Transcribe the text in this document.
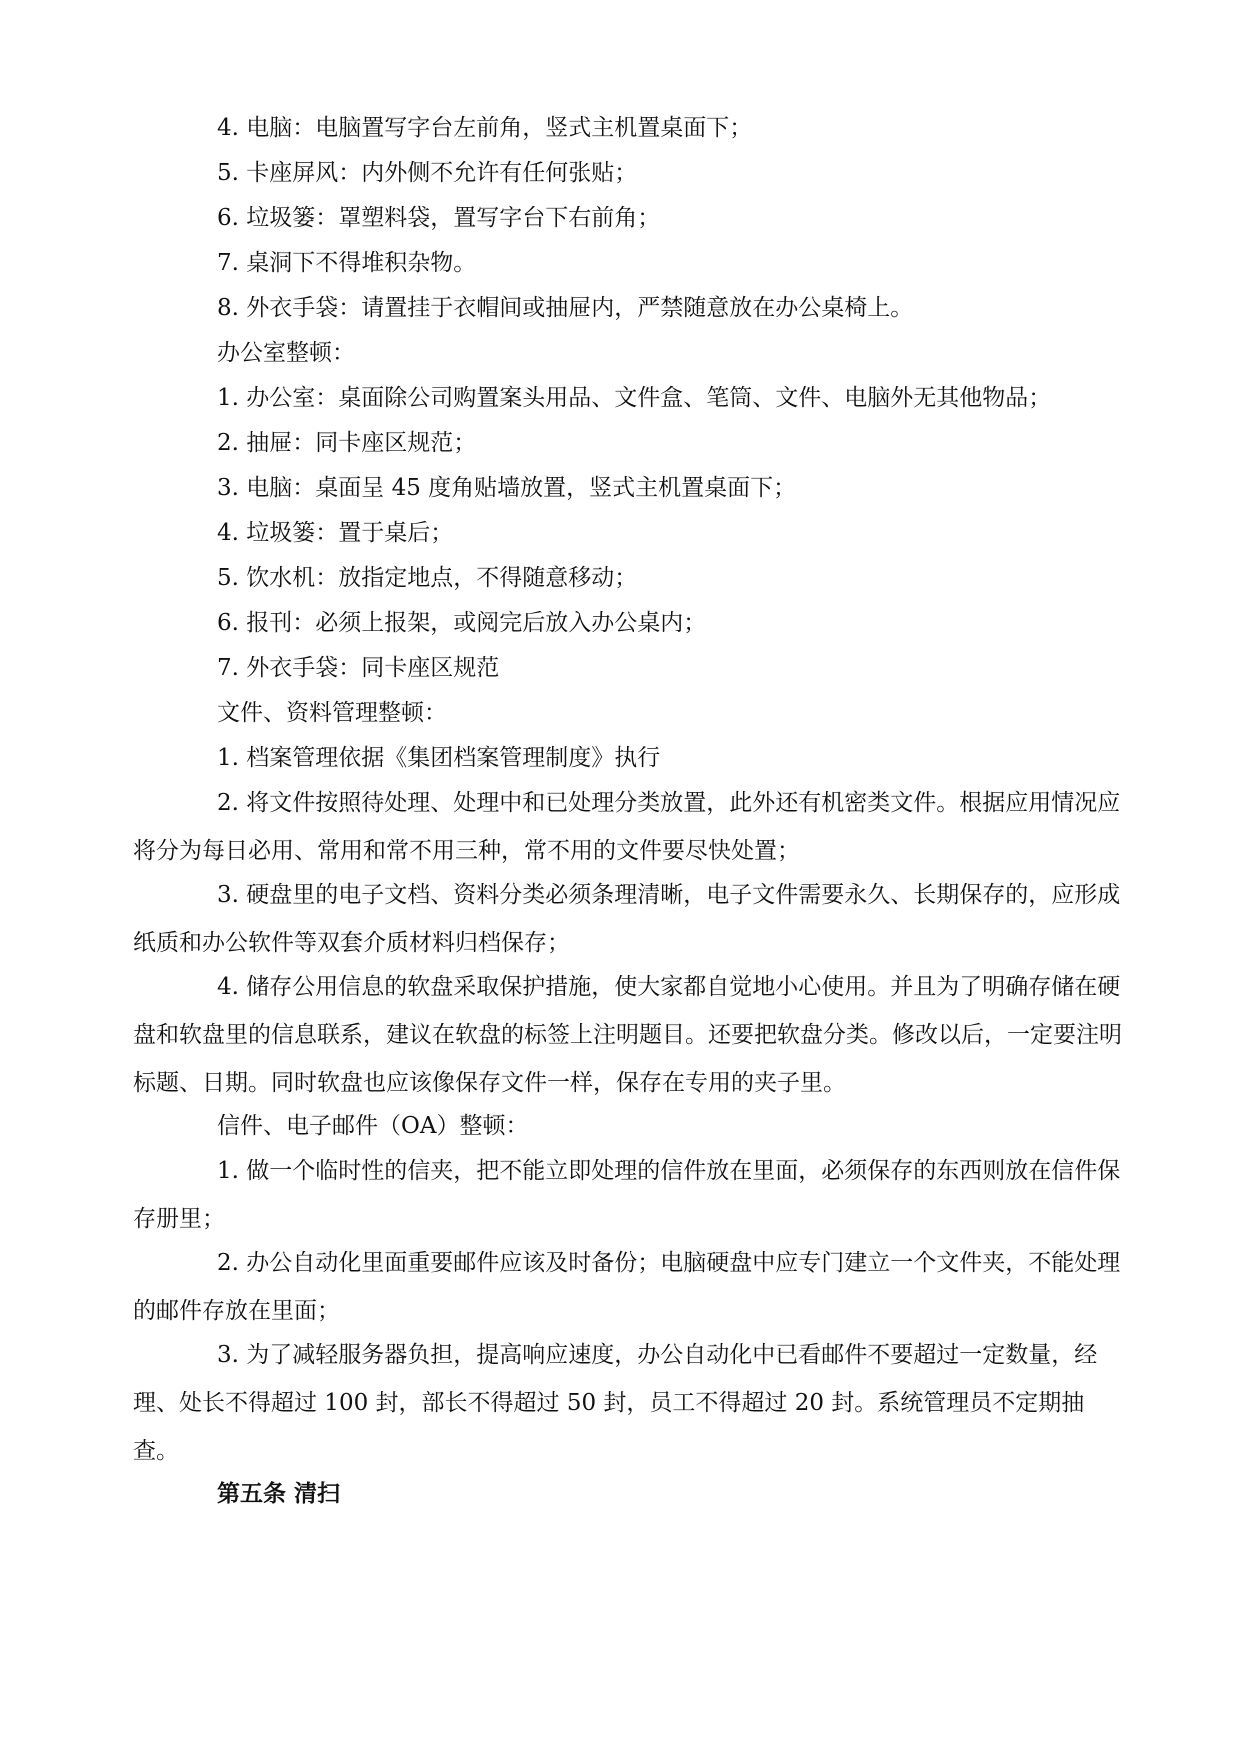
4. 电脑：电脑置写字台左前角，竖式主机置桌面下；

5. 卡座屏风：内外侧不允许有任何张贴；

6. 垃圾篓：罩塑料袋，置写字台下右前角；

7. 桌洞下不得堆积杂物。

8. 外衣手袋：请置挂于衣帽间或抽屉内，严禁随意放在办公桌椅上。

办公室整顿：

1. 办公室：桌面除公司购置案头用品、文件盒、笔筒、文件、电脑外无其他物品；

2. 抽屉：同卡座区规范；

3. 电脑：桌面呈 45 度角贴墙放置，竖式主机置桌面下；

4. 垃圾篓：置于桌后；

5. 饮水机：放指定地点，不得随意移动；

6. 报刊：必须上报架，或阅完后放入办公桌内；

7. 外衣手袋：同卡座区规范

文件、资料管理整顿：

1. 档案管理依据《集团档案管理制度》执行

2. 将文件按照待处理、处理中和已处理分类放置，此外还有机密类文件。根据应用情况应将分为每日必用、常用和常不用三种，常不用的文件要尽快处置；

3. 硬盘里的电子文档、资料分类必须条理清晰，电子文件需要永久、长期保存的，应形成纸质和办公软件等双套介质材料归档保存；

4. 储存公用信息的软盘采取保护措施，使大家都自觉地小心使用。并且为了明确存储在硬盘和软盘里的信息联系，建议在软盘的标签上注明题目。还要把软盘分类。修改以后，一定要注明标题、日期。同时软盘也应该像保存文件一样，保存在专用的夹子里。

信件、电子邮件（OA）整顿：

1. 做一个临时性的信夹，把不能立即处理的信件放在里面，必须保存的东西则放在信件保存册里；

2. 办公自动化里面重要邮件应该及时备份；电脑硬盘中应专门建立一个文件夹，不能处理的邮件存放在里面；

3. 为了减轻服务器负担，提高响应速度，办公自动化中已看邮件不要超过一定数量，经理、处长不得超过 100 封，部长不得超过 50 封，员工不得超过 20 封。系统管理员不定期抽查。

第五条 清扫
